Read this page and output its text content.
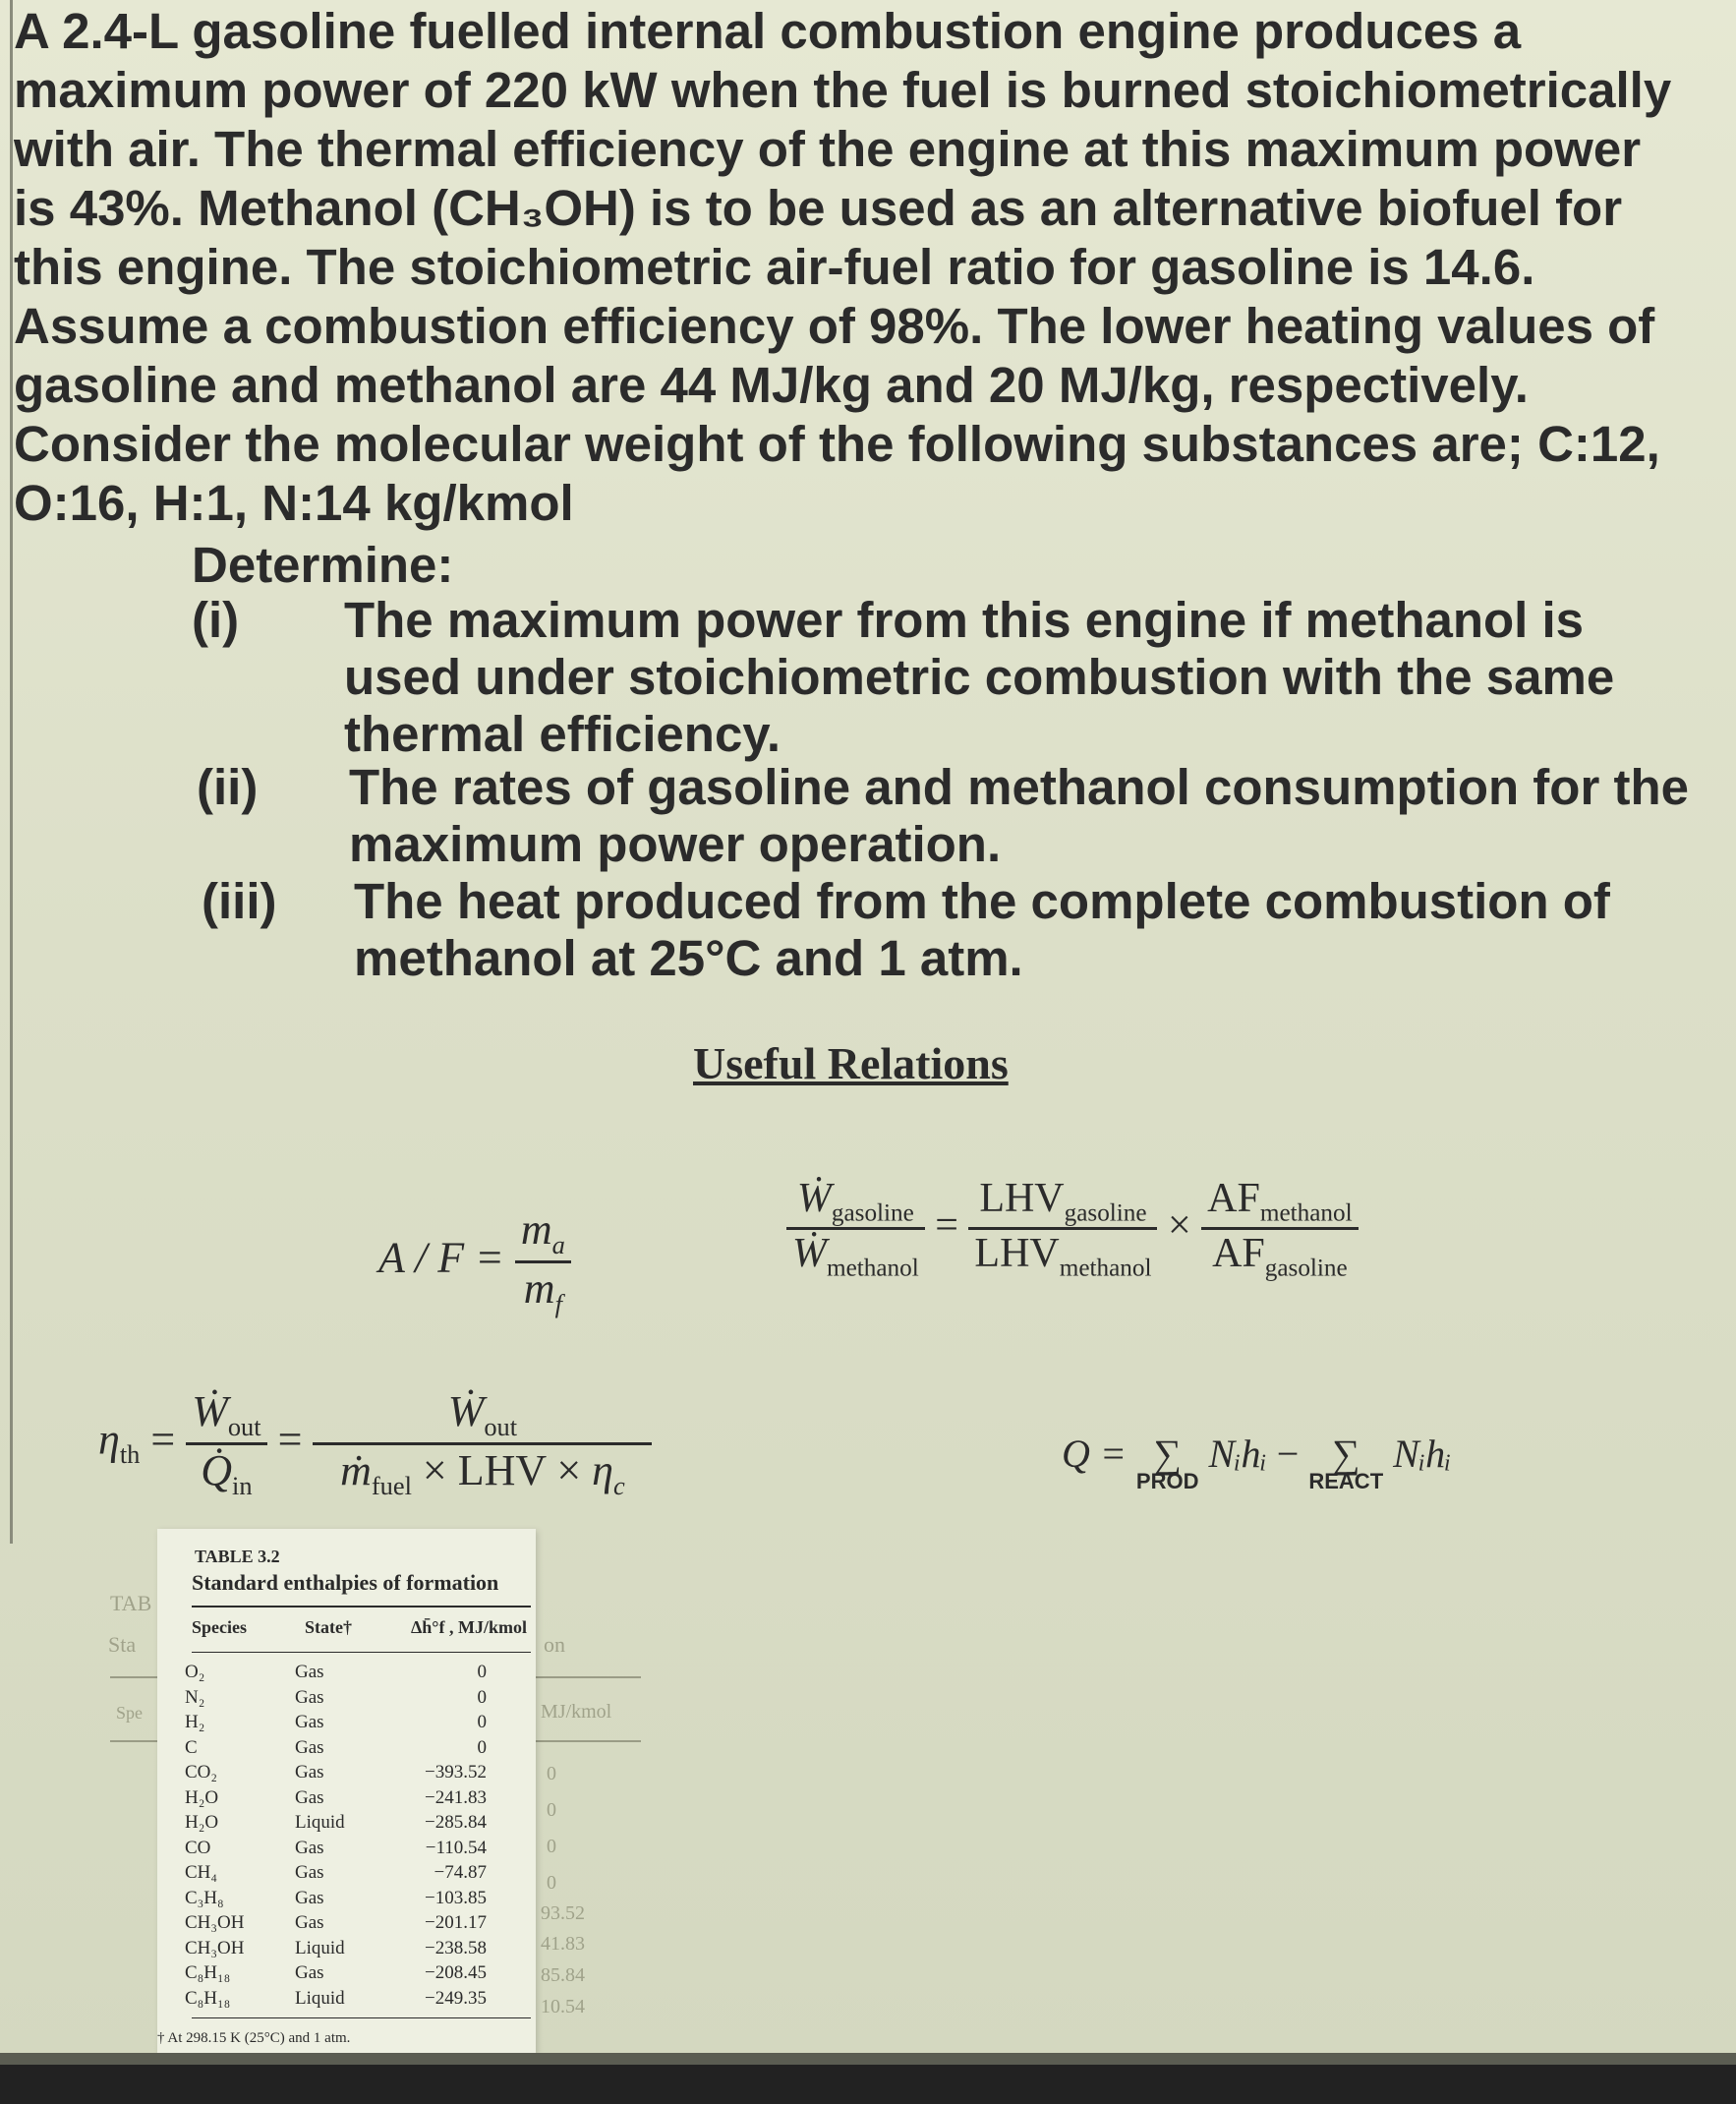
A 2.4-L gasoline fuelled internal combustion engine produces a

maximum power of 220 kW when the fuel is burned stoichiometrically

with air. The thermal efficiency of the engine at this maximum power

is 43%. Methanol (CH₃OH) is to be used as an alternative biofuel for

this engine. The stoichiometric air-fuel ratio for gasoline is 14.6.

Assume a combustion efficiency of 98%. The lower heating values of

gasoline and methanol are 44 MJ/kg and 20 MJ/kg, respectively.

Consider the molecular weight of the following substances are; C:12,

O:16, H:1, N:14 kg/kmol

Determine:
(i) The maximum power from this engine if methanol is
used under stoichiometric combustion with the same
thermal efficiency.
(ii) The rates of gasoline and methanol consumption for the
maximum power operation.
(iii) The heat produced from the complete combustion of
methanol at 25°C and 1 atm.
Useful Relations
$A / F = \frac{m_a}{m_f}$	$\frac{Ẇ_{gasoline}}{Ẇ_{methanol}} = \frac{LHV_{gasoline}}{LHV_{methanol}} \times \frac{AF_{methanol}}{AF_{gasoline}}$
$\eta_{th} = \frac{Ẇ_{out}}{Q̇_{in}} = \frac{Ẇ_{out}}{ṁ_{fuel} \times LHV \times \eta_c}$	Q = ∑
PROD
Nᵢhᵢ − ∑
REACT
Nᵢhᵢ
TAB
Sta
Spe
on
MJ/kmol
0
0
0
0
93.52
41.83
85.84
10.54
TABLE 3.2
Standard enthalpies of formation
Species	State†	Δh̄°f , MJ/kmol
O₂	Gas	0
N₂	Gas	0
H₂	Gas	0
C	Gas	0
CO₂	Gas	−393.52
H₂O	Gas	−241.83
H₂O	Liquid	−285.84
CO	Gas	−110.54
CH₄	Gas	−74.87
C₃H₈	Gas	−103.85
CH₃OH	Gas	−201.17
CH₃OH	Liquid	−238.58
C₈H₁₈	Gas	−208.45
C₈H₁₈	Liquid	−249.35
† At 298.15 K (25°C) and 1 atm.
